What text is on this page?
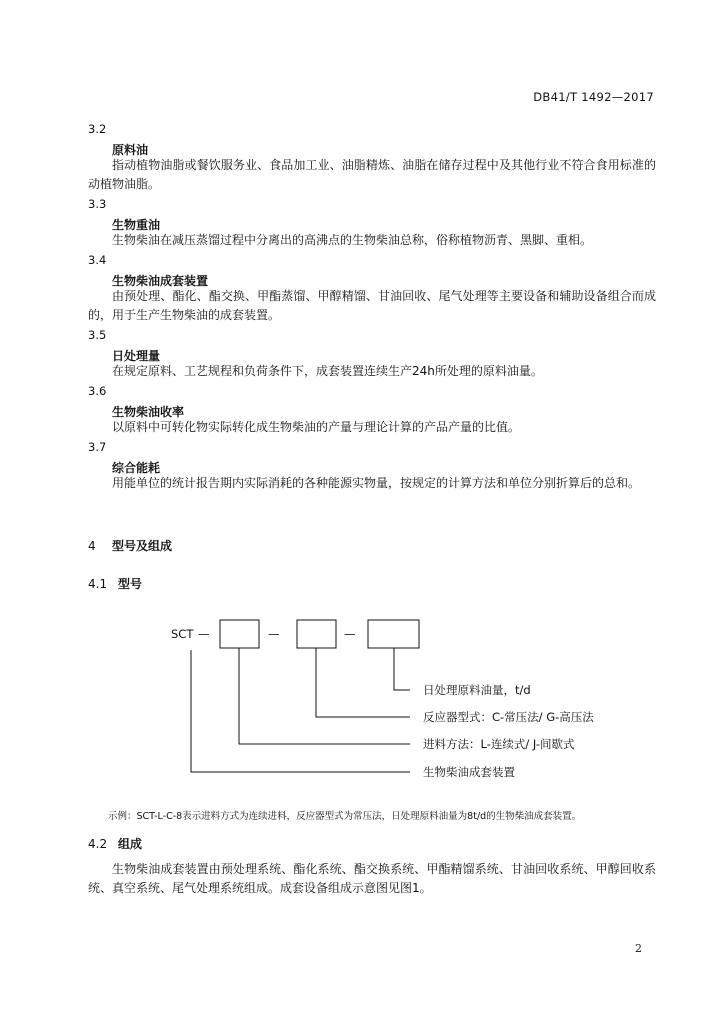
DB41/T 1492—2017
3.2
原料油
指动植物油脂或餐饮服务业、食品加工业、油脂精炼、油脂在储存过程中及其他行业不符合食用标准的动植物油脂。
3.3
生物重油
生物柴油在减压蒸馏过程中分离出的高沸点的生物柴油总称，俗称植物沥青、黑脚、重相。
3.4
生物柴油成套装置
由预处理、酯化、酯交换、甲酯蒸馏、甲醇精馏、甘油回收、尾气处理等主要设备和辅助设备组合而成的，用于生产生物柴油的成套装置。
3.5
日处理量
在规定原料、工艺规程和负荷条件下，成套装置连续生产24h所处理的原料油量。
3.6
生物柴油收率
以原料中可转化物实际转化成生物柴油的产量与理论计算的产品产量的比值。
3.7
综合能耗
用能单位的统计报告期内实际消耗的各种能源实物量，按规定的计算方法和单位分别折算后的总和。
4 型号及组成
4.1 型号
SCT —	—	—
日处理原料油量，t/d
反应器型式：C-常压法/ G-高压法
进料方法：L-连续式/ J-间歇式
生物柴油成套装置
示例：SCT-L-C-8表示进料方式为连续进料，反应器型式为常压法，日处理原料油量为8t/d的生物柴油成套装置。
4.2 组成
生物柴油成套装置由预处理系统、酯化系统、酯交换系统、甲酯精馏系统、甘油回收系统、甲醇回收系统、真空系统、尾气处理系统组成。成套设备组成示意图见图1。
2
